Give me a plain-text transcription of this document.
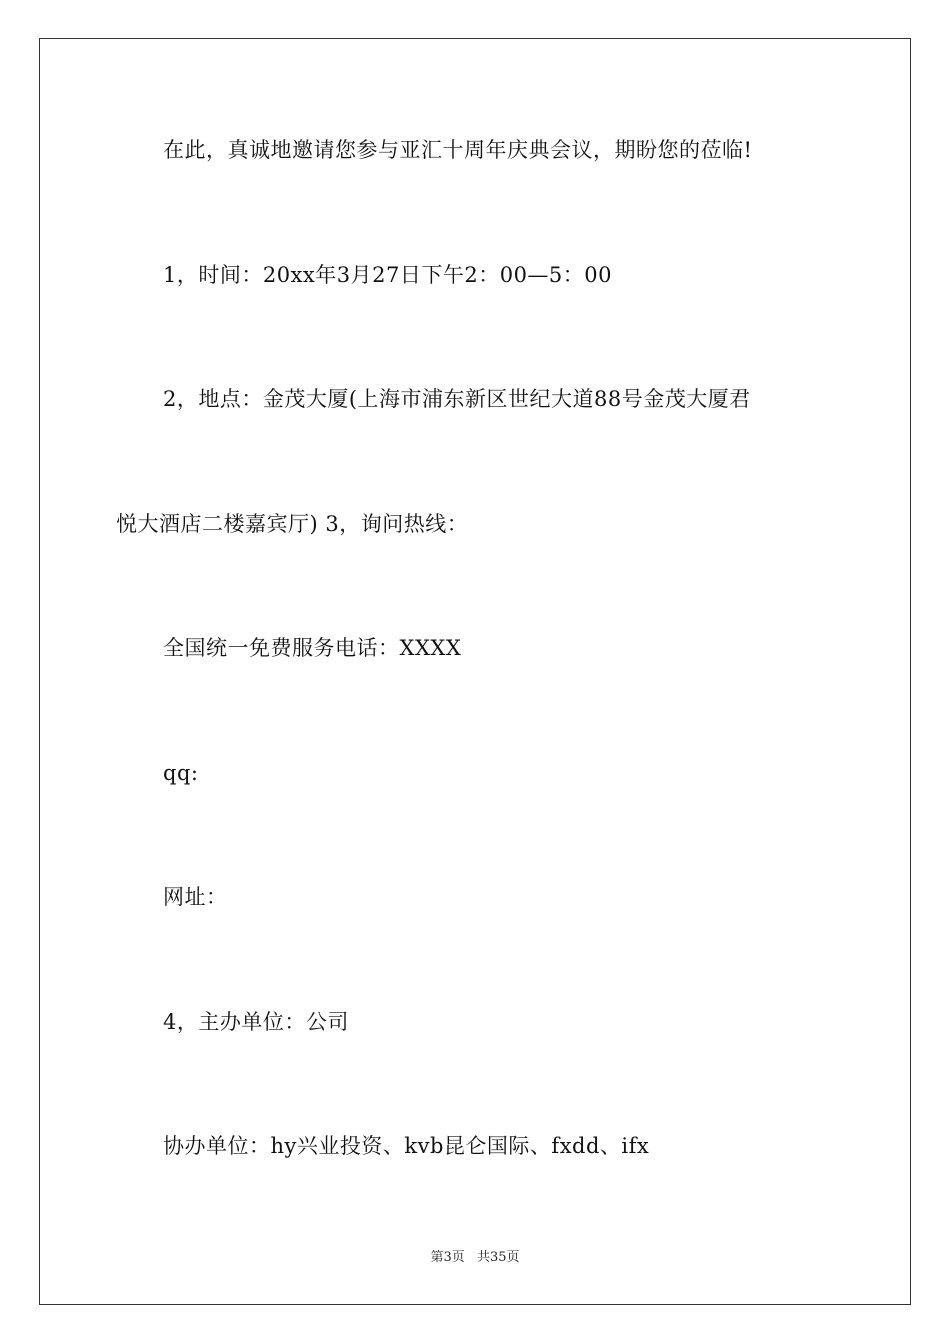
在此，真诚地邀请您参与亚汇十周年庆典会议，期盼您的莅临!
1，时间：20xx年3月27日下午2：00—5：00
2，地点：金茂大厦(上海市浦东新区世纪大道88号金茂大厦君
悦大酒店二楼嘉宾厅) 3，询问热线：
全国统一免费服务电话：XXXX
qq:
网址：
4，主办单位：公司
协办单位：hy兴业投资、kvb昆仑国际、fxdd、ifx
第3页 共35页
